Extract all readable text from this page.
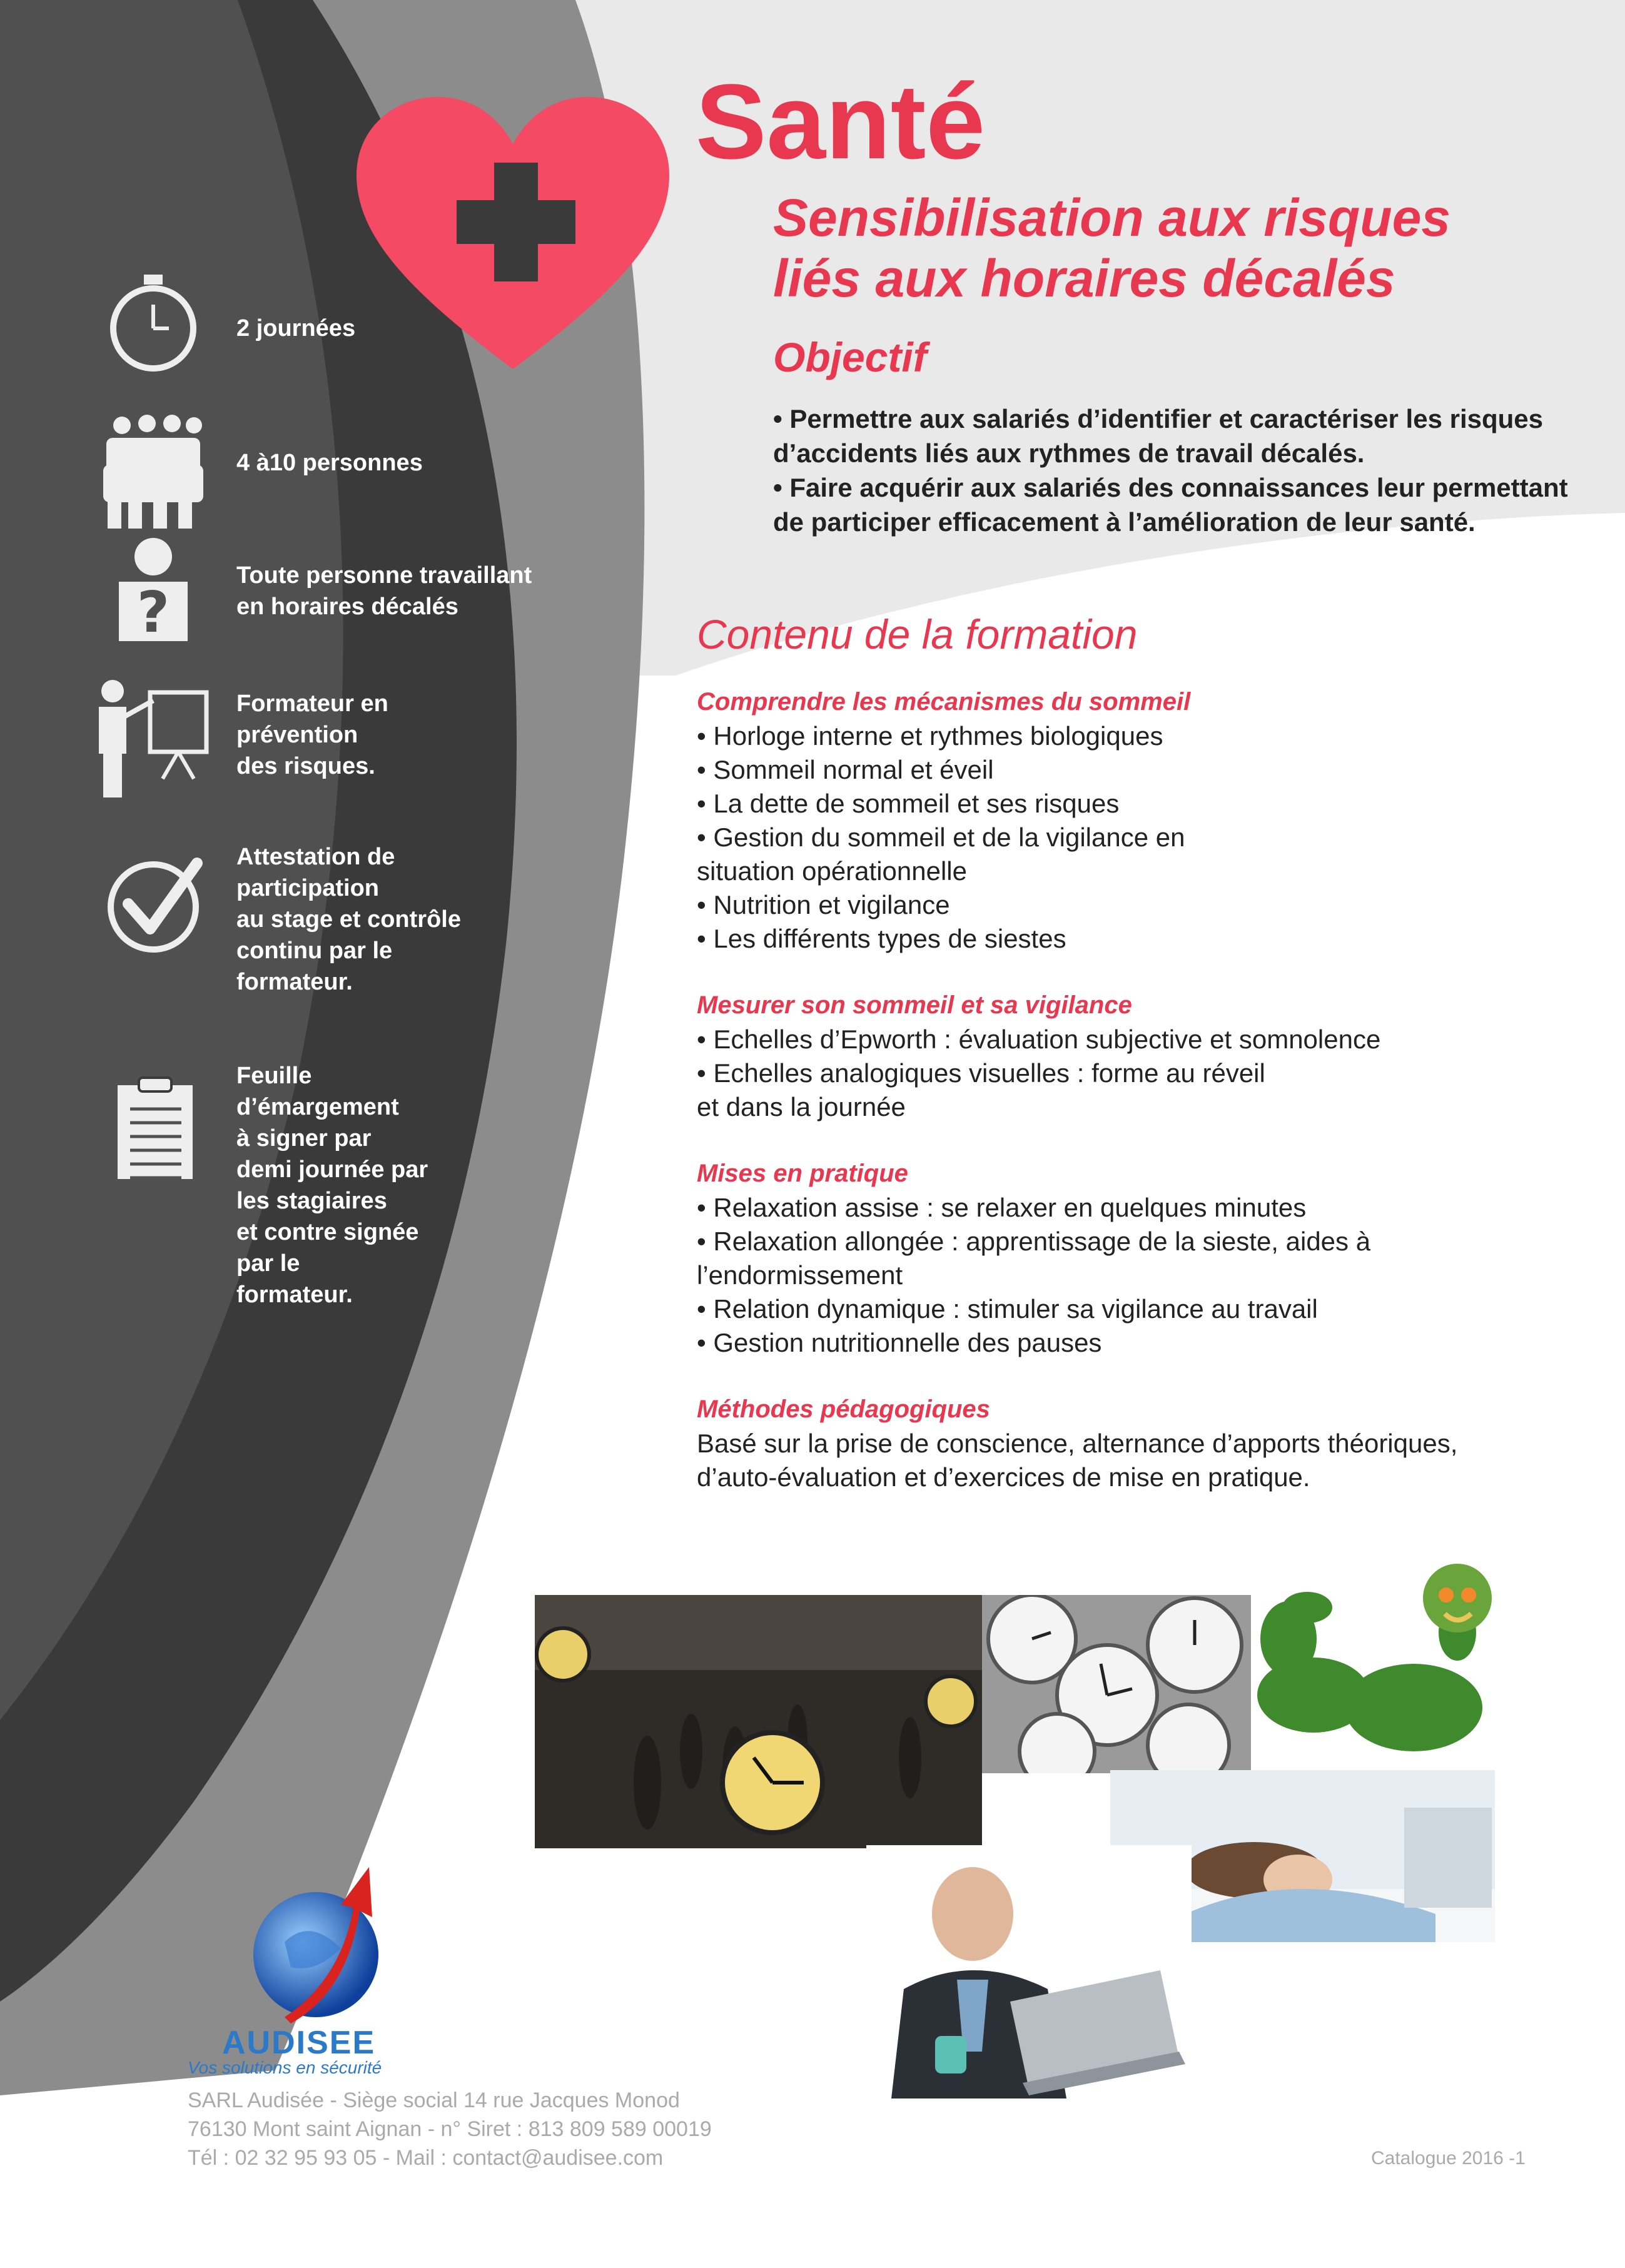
Santé
Sensibilisation aux risques
liés aux horaires décalés
Objectif

• Permettre aux salariés d’identifier et caractériser les risques d’accidents liés aux rythmes de travail décalés.

• Faire acquérir aux salariés des connaissances leur permettant de participer efficacement à l’amélioration de leur santé.

2 journées

4 à10 personnes

?

Toute personne travaillant
en horaires décalés

Formateur en
prévention
des risques.

Attestation de
participation
au stage et contrôle
continu par le
formateur.

Feuille
d’émargement
à signer par
demi journée par
les stagiaires
et contre signée
par le
formateur.

Contenu de la formation
Comprendre les mécanismes du sommeil

• Horloge interne et rythmes biologiques

• Sommeil normal et éveil

• La dette de sommeil et ses risques

• Gestion du sommeil et de la vigilance en

situation opérationnelle

• Nutrition et vigilance

• Les différents types de siestes

Mesurer son sommeil et sa vigilance

• Echelles d’Epworth : évaluation subjective et somnolence

• Echelles analogiques visuelles : forme au réveil

et dans la journée

Mises en pratique

• Relaxation assise : se relaxer en quelques minutes

• Relaxation allongée : apprentissage de la sieste, aides à

l’endormissement

• Relation dynamique : stimuler sa vigilance au travail

• Gestion nutritionnelle des pauses

Méthodes pédagogiques

Basé sur la prise de conscience, alternance d’apports théoriques,

d’auto-évaluation et d’exercices de mise en pratique.

AUDISEE
Vos solutions en sécurité
SARL Audisée - Siège social 14 rue Jacques Monod
76130 Mont saint Aignan - n° Siret : 813 809 589 00019
Tél : 02 32 95 93 05 - Mail : contact@audisee.com	Catalogue 2016 -1
